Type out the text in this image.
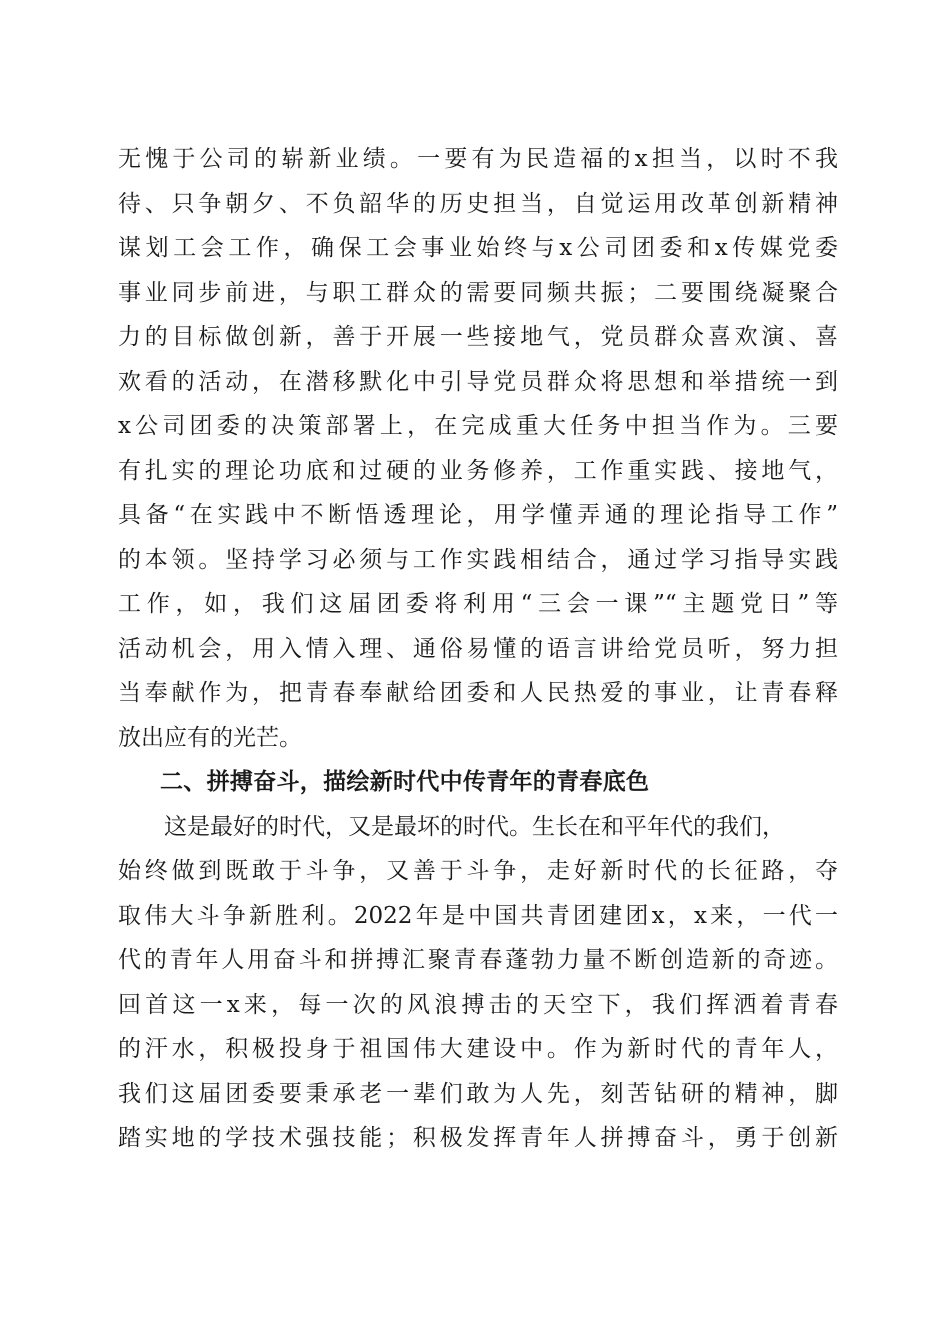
无愧于公司的崭新业绩。一要有为民造福的x担当，以时不我
待、只争朝夕、不负韶华的历史担当，自觉运用改革创新精神
谋划工会工作，确保工会事业始终与x公司团委和x传媒党委
事业同步前进，与职工群众的需要同频共振；二要围绕凝聚合
力的目标做创新，善于开展一些接地气，党员群众喜欢演、喜
欢看的活动，在潜移默化中引导党员群众将思想和举措统一到
x公司团委的决策部署上，在完成重大任务中担当作为。三要
有扎实的理论功底和过硬的业务修养，工作重实践、接地气，
具备“在实践中不断悟透理论，用学懂弄通的理论指导工作”
的本领。坚持学习必须与工作实践相结合，通过学习指导实践
工作，如，我们这届团委将利用“三会一课”“主题党日”等
活动机会，用入情入理、通俗易懂的语言讲给党员听，努力担
当奉献作为，把青春奉献给团委和人民热爱的事业，让青春释
放出应有的光芒。
二、拼搏奋斗，描绘新时代中传青年的青春底色
这是最好的时代，又是最坏的时代。生长在和平年代的我们，
始终做到既敢于斗争，又善于斗争，走好新时代的长征路，夺
取伟大斗争新胜利。2022年是中国共青团建团x，x来，一代一
代的青年人用奋斗和拼搏汇聚青春蓬勃力量不断创造新的奇迹。
回首这一x来，每一次的风浪搏击的天空下，我们挥洒着青春
的汗水，积极投身于祖国伟大建设中。作为新时代的青年人，
我们这届团委要秉承老一辈们敢为人先，刻苦钻研的精神，脚
踏实地的学技术强技能；积极发挥青年人拼搏奋斗，勇于创新
